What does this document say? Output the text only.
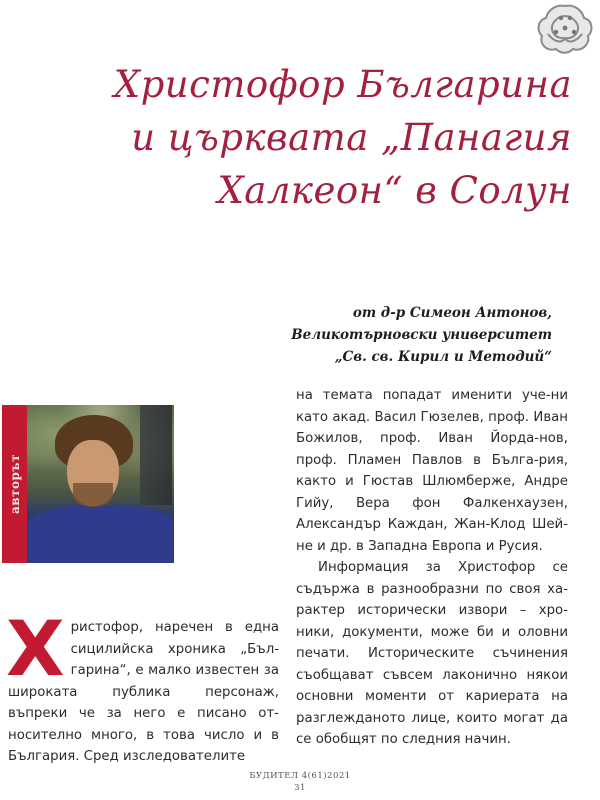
Христофор Българина
и църквата „Панагия
Халкеон“ в Солун
от д-р Симеон Антонов,
Великотърновски университет
„Св. св. Кирил и Методий“
авторът
Х ристофор, наречен в една сицилийска хроника „Бъл-гарина“, е малко известен за широката публика персонаж, въпреки че за него е писано от-носително много, в това число и в България. Сред изследователите

на темата попадат именити уче-ни като акад. Васил Гюзелев, проф. Иван Божилов, проф. Иван Йорда-нов, проф. Пламен Павлов в Бълга-рия, както и Гюстав Шлюмберже, Андре Гийу, Вера фон Фалкенхаузен, Александър Каждан, Жан-Клод Шей-не и др. в Западна Европа и Русия.

Информация за Христофор се съдържа в разнообразни по своя ха-рактер исторически извори – хро-ники, документи, може би и оловни печати. Историческите съчинения съобщават съвсем лаконично някои основни моменти от кариерата на разглежданото лице, които могат да се обобщят по следния начин.

БУДИТЕЛ 4(61)2021
31
